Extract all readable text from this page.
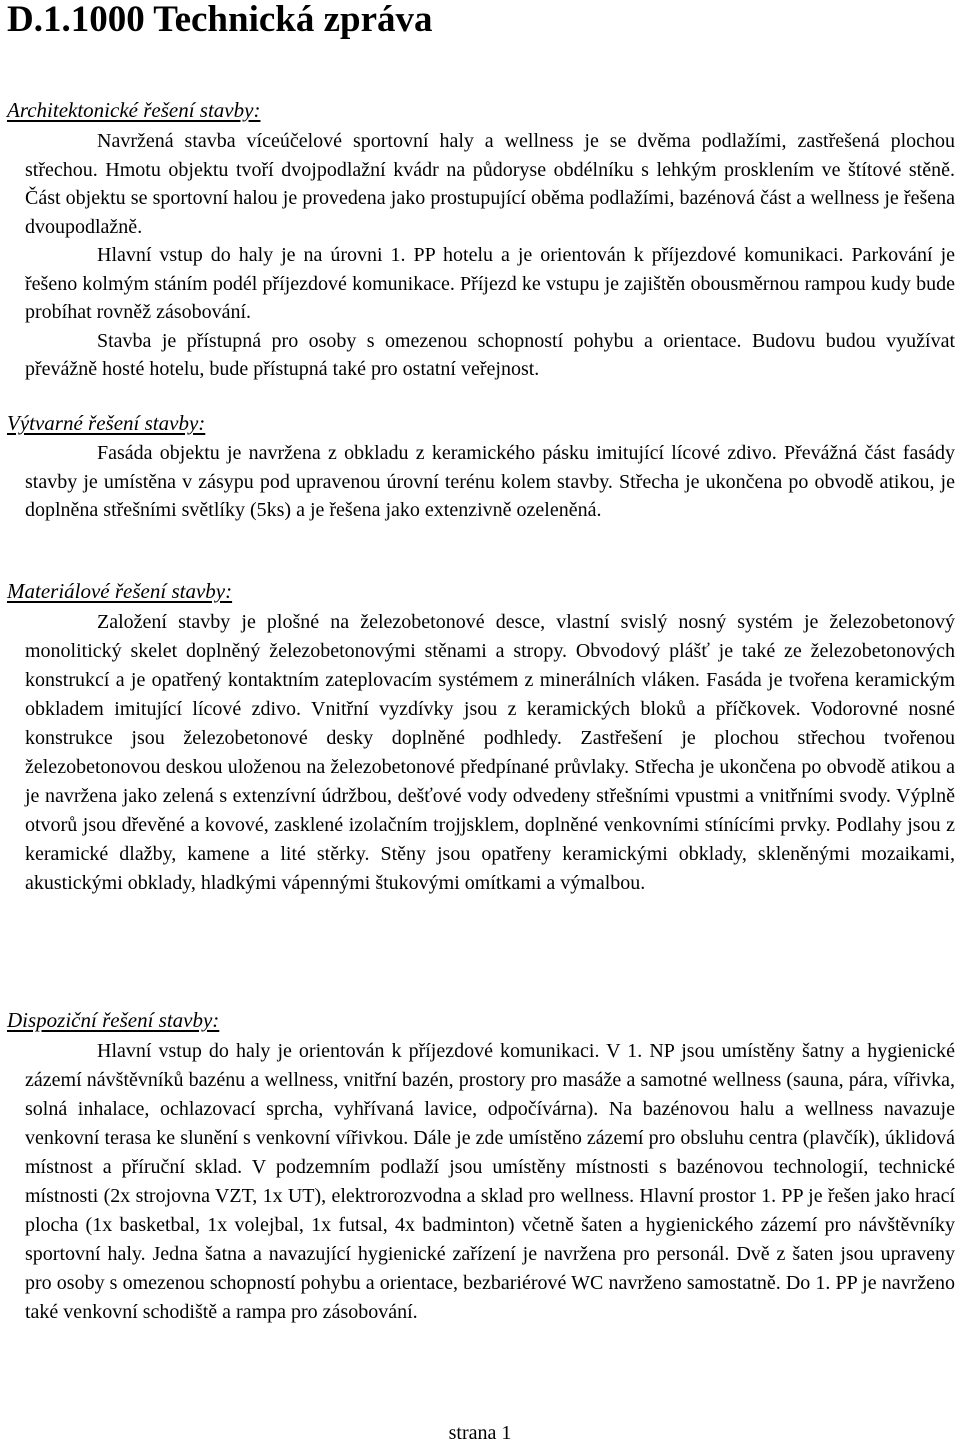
D.1.1000 Technická zpráva
Architektonické řešení stavby:

Navržená stavba víceúčelové sportovní haly a wellness je se dvěma podlažími, zastřešená plochou střechou. Hmotu objektu tvoří dvojpodlažní kvádr na půdoryse obdélníku s lehkým prosklením ve štítové stěně. Část objektu se sportovní halou je provedena jako prostupující oběma podlažími, bazénová část a wellness je řešena dvoupodlažně.

Hlavní vstup do haly je na úrovni 1. PP hotelu a je orientován k příjezdové komunikaci. Parkování je řešeno kolmým stáním podél příjezdové komunikace. Příjezd ke vstupu je zajištěn obousměrnou rampou kudy bude probíhat rovněž zásobování.

Stavba je přístupná pro osoby s omezenou schopností pohybu a orientace. Budovu budou využívat převážně hosté hotelu, bude přístupná také pro ostatní veřejnost.

Výtvarné řešení stavby:

Fasáda objektu je navržena z obkladu z keramického pásku imitující lícové zdivo. Převážná část fasády stavby je umístěna v zásypu pod upravenou úrovní terénu kolem stavby. Střecha je ukončena po obvodě atikou, je doplněna střešními světlíky (5ks) a je řešena jako extenzivně ozeleněná.

Materiálové řešení stavby:

Založení stavby je plošné na železobetonové desce, vlastní svislý nosný systém je železobetonový monolitický skelet doplněný železobetonovými stěnami a stropy. Obvodový plášť je také ze železobetonových konstrukcí a je opatřený kontaktním zateplovacím systémem z minerálních vláken. Fasáda je tvořena keramickým obkladem imitující lícové zdivo. Vnitřní vyzdívky jsou z keramických bloků a příčkovek. Vodorovné nosné konstrukce jsou železobetonové desky doplněné podhledy. Zastřešení je plochou střechou tvořenou železobetonovou deskou uloženou na železobetonové předpínané průvlaky. Střecha je ukončena po obvodě atikou a je navržena jako zelená s extenzívní údržbou, dešťové vody odvedeny střešními vpustmi a vnitřními svody. Výplně otvorů jsou dřevěné a kovové, zasklené izolačním trojjsklem, doplněné venkovními stínícími prvky. Podlahy jsou z keramické dlažby, kamene a lité stěrky. Stěny jsou opatřeny keramickými obklady, skleněnými mozaikami, akustickými obklady, hladkými vápennými štukovými omítkami a výmalbou.

Dispoziční řešení stavby:

Hlavní vstup do haly je orientován k příjezdové komunikaci. V 1. NP jsou umístěny šatny a hygienické zázemí návštěvníků bazénu a wellness, vnitřní bazén, prostory pro masáže a samotné wellness (sauna, pára, vířivka, solná inhalace, ochlazovací sprcha, vyhřívaná lavice, odpočívárna). Na bazénovou halu a wellness navazuje venkovní terasa ke slunění s venkovní vířivkou. Dále je zde umístěno zázemí pro obsluhu centra (plavčík), úklidová místnost a příruční sklad. V podzemním podlaží jsou umístěny místnosti s bazénovou technologií, technické místnosti (2x strojovna VZT, 1x UT), elektrorozvodna a sklad pro wellness. Hlavní prostor 1. PP je řešen jako hrací plocha (1x basketbal, 1x volejbal, 1x futsal, 4x badminton) včetně šaten a hygienického zázemí pro návštěvníky sportovní haly. Jedna šatna a navazující hygienické zařízení je navržena pro personál. Dvě z šaten jsou upraveny pro osoby s omezenou schopností pohybu a orientace, bezbariérové WC navrženo samostatně. Do 1. PP je navrženo také venkovní schodiště a rampa pro zásobování.

strana 1
